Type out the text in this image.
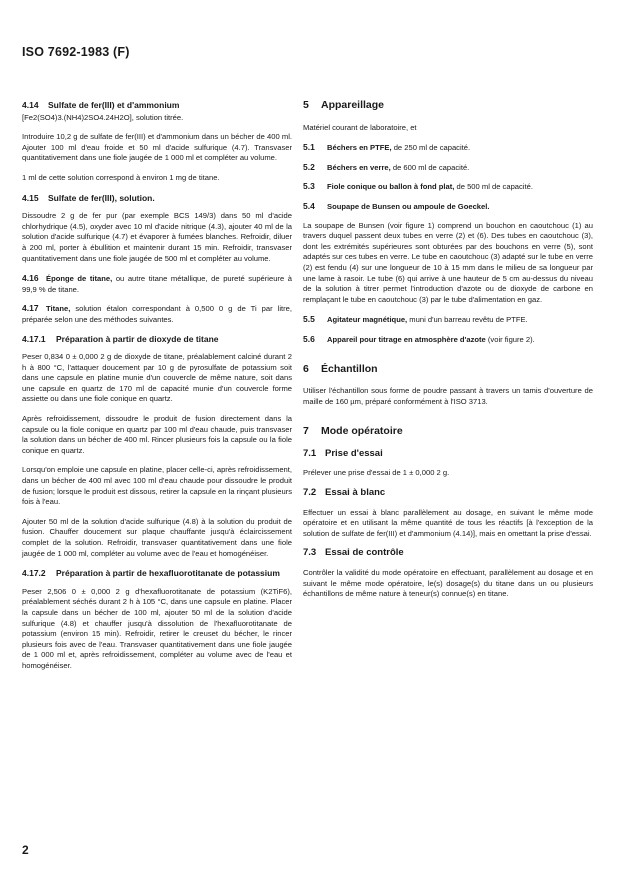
ISO 7692-1983 (F)
4.14 Sulfate de fer(III) et d'ammonium

[Fe2(SO4)3.(NH4)2SO4.24H2O], solution titrée.

Introduire 10,2 g de sulfate de fer(III) et d'ammonium dans un bécher de 400 ml. Ajouter 100 ml d'eau froide et 50 ml d'acide sulfurique (4.7). Transvaser quantitativement dans une fiole jaugée de 1 000 ml et compléter au volume.

1 ml de cette solution correspond à environ 1 mg de titane.

4.15 Sulfate de fer(III), solution.

Dissoudre 2 g de fer pur (par exemple BCS 149/3) dans 50 ml d'acide chlorhydrique (4.5), oxyder avec 10 ml d'acide nitrique (4.3), ajouter 40 ml de la solution d'acide sulfurique (4.7) et évaporer à fumées blanches. Refroidir, diluer à 200 ml, porter à ébullition et maintenir durant 15 min. Refroidir, transvaser quantitativement dans une fiole jaugée de 500 ml et compléter au volume.

4.16 Éponge de titane, ou autre titane métallique, de pureté supérieure à 99,9 % de titane.

4.17 Titane, solution étalon correspondant à 0,500 0 g de Ti par litre, préparée selon une des méthodes suivantes.

4.17.1 Préparation à partir de dioxyde de titane

Peser 0,834 0 ± 0,000 2 g de dioxyde de titane, préalablement calciné durant 2 h à 800 °C, l'attaquer doucement par 10 g de pyrosulfate de potassium soit dans une capsule en platine munie d'un couvercle de même nature, soit dans une capsule en quartz de 170 ml de capacité munie d'un couvercle forme assiette ou dans une fiole conique en quartz.

Après refroidissement, dissoudre le produit de fusion directement dans la capsule ou la fiole conique en quartz par 100 ml d'eau chaude, puis transvaser la solution dans un bécher de 400 ml. Rincer plusieurs fois la capsule ou la fiole conique en quartz.

Lorsqu'on emploie une capsule en platine, placer celle-ci, après refroidissement, dans un bécher de 400 ml avec 100 ml d'eau chaude pour dissoudre le produit de fusion; lorsque le produit est dissous, retirer la capsule en la rinçant plusieurs fois à l'eau.

Ajouter 50 ml de la solution d'acide sulfurique (4.8) à la solution du produit de fusion. Chauffer doucement sur plaque chauffante jusqu'à éclaircissement complet de la solution. Refroidir, transvaser quantitativement dans une fiole jaugée de 1 000 ml, compléter au volume avec de l'eau et homogénéiser.

4.17.2 Préparation à partir de hexafluorotitanate de potassium

Peser 2,506 0 ± 0,000 2 g d'hexafluorotitanate de potassium (K2TiF6), préalablement séchés durant 2 h à 105 °C, dans une capsule en platine. Placer la capsule dans un bécher de 100 ml, ajouter 50 ml de la solution d'acide sulfurique (4.8) et chauffer jusqu'à dissolution de l'hexafluorotitanate de potassium (environ 15 min). Refroidir, retirer le creuset du bécher, le rincer plusieurs fois avec de l'eau. Transvaser quantitativement dans une fiole jaugée de 1 000 ml et, après refroidissement, compléter au volume avec de l'eau et homogénéiser.

5 Appareillage

Matériel courant de laboratoire, et

5.1 Béchers en PTFE, de 250 ml de capacité.

5.2 Béchers en verre, de 600 ml de capacité.

5.3 Fiole conique ou ballon à fond plat, de 500 ml de capacité.

5.4 Soupape de Bunsen ou ampoule de Goeckel.

La soupape de Bunsen (voir figure 1) comprend un bouchon en caoutchouc (1) au travers duquel passent deux tubes en verre (2) et (6). Des tubes en caoutchouc (3), dont les extrémités supérieures sont obturées par des bouchons en verre (5), sont adaptés sur ces tubes en verre. Le tube en caoutchouc (3) adapté sur le tube en verre (2) est fendu (4) sur une longueur de 10 à 15 mm dans le milieu de sa longueur par une lame à rasoir. Le tube (6) qui arrive à une hauteur de 5 cm au-dessus du niveau de la solution à titrer permet l'introduction d'azote ou de dioxyde de carbone en remplaçant le tube en caoutchouc (3) par le tube d'alimentation en gaz.

5.5 Agitateur magnétique, muni d'un barreau revêtu de PTFE.

5.6 Appareil pour titrage en atmosphère d'azote (voir figure 2).

6 Échantillon

Utiliser l'échantillon sous forme de poudre passant à travers un tamis d'ouverture de maille de 160 µm, préparé conformément à l'ISO 3713.

7 Mode opératoire
7.1 Prise d'essai

Prélever une prise d'essai de 1 ± 0,000 2 g.

7.2 Essai à blanc

Effectuer un essai à blanc parallèlement au dosage, en suivant le même mode opératoire et en utilisant la même quantité de tous les réactifs [à l'exception de la solution de sulfate de fer(III) et d'ammonium (4.14)], mais en omettant la prise d'essai.

7.3 Essai de contrôle

Contrôler la validité du mode opératoire en effectuant, parallèlement au dosage et en suivant le même mode opératoire, le(s) dosage(s) du titane dans un ou plusieurs échantillons de même nature à teneur(s) connue(s) en titane.

2
